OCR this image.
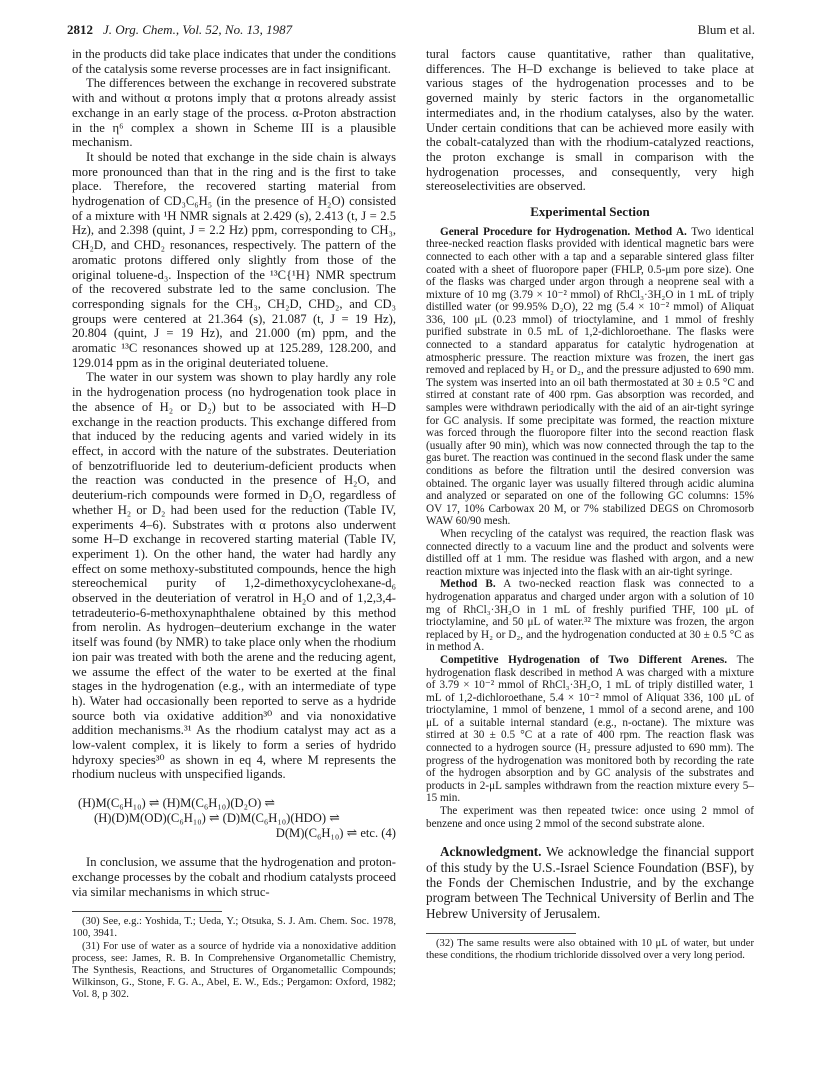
2812 J. Org. Chem., Vol. 52, No. 13, 1987	Blum et al.

in the products did take place indicates that under the conditions of the catalysis some reverse processes are in fact insignificant.

The differences between the exchange in recovered substrate with and without α protons imply that α protons already assist exchange in an early stage of the process. α-Proton abstraction in the η⁶ complex a shown in Scheme III is a plausible mechanism.

It should be noted that exchange in the side chain is always more pronounced than that in the ring and is the first to take place. Therefore, the recovered starting material from hydrogenation of CD₃C₆H₅ (in the presence of H₂O) consisted of a mixture with ¹H NMR signals at 2.429 (s), 2.413 (t, J = 2.5 Hz), and 2.398 (quint, J = 2.2 Hz) ppm, corresponding to CH₃, CH₂D, and CHD₂ resonances, respectively. The pattern of the aromatic protons differed only slightly from those of the original toluene-d₃. Inspection of the ¹³C{¹H} NMR spectrum of the recovered substrate led to the same conclusion. The corresponding signals for the CH₃, CH₂D, CHD₂, and CD₃ groups were centered at 21.364 (s), 21.087 (t, J = 19 Hz), 20.804 (quint, J = 19 Hz), and 21.000 (m) ppm, and the aromatic ¹³C resonances showed up at 125.289, 128.200, and 129.014 ppm as in the original deuteriated toluene.

The water in our system was shown to play hardly any role in the hydrogenation process (no hydrogenation took place in the absence of H₂ or D₂) but to be associated with H–D exchange in the reaction products. This exchange differed from that induced by the reducing agents and varied widely in its effect, in accord with the nature of the substrates. Deuteriation of benzotrifluoride led to deuterium-deficient products when the reaction was conducted in the presence of H₂O, and deuterium-rich compounds were formed in D₂O, regardless of whether H₂ or D₂ had been used for the reduction (Table IV, experiments 4–6). Substrates with α protons also underwent some H–D exchange in recovered starting material (Table IV, experiment 1). On the other hand, the water had hardly any effect on some methoxy-substituted compounds, hence the high stereochemical purity of 1,2-dimethoxycyclohexane-d₆ observed in the deuteriation of veratrol in H₂O and of 1,2,3,4-tetradeuterio-6-methoxynaphthalene obtained by this method from nerolin. As hydrogen–deuterium exchange in the water itself was found (by NMR) to take place only when the rhodium ion pair was treated with both the arene and the reducing agent, we assume the effect of the water to be exerted at the final stages in the hydrogenation (e.g., with an intermediate of type h). Water had occasionally been reported to serve as a hydride source both via oxidative addition³⁰ and via nonoxidative addition mechanisms.³¹ As the rhodium catalyst may act as a low-valent complex, it is likely to form a series of hydrido hdyroxy species³⁰ as shown in eq 4, where M represents the rhodium nucleus with unspecified ligands.

(H)M(C₆H₁₀) ⇌ (H)M(C₆H₁₀)(D₂O) ⇌
(H)(D)M(OD)(C₆H₁₀) ⇌ (D)M(C₆H₁₀)(HDO) ⇌
D(M)(C₆H₁₀) ⇌ etc. (4)

In conclusion, we assume that the hydrogenation and proton-exchange processes by the cobalt and rhodium catalysts proceed via similar mechanisms in which struc-

(30) See, e.g.: Yoshida, T.; Ueda, Y.; Otsuka, S. J. Am. Chem. Soc. 1978, 100, 3941.

(31) For use of water as a source of hydride via a nonoxidative addition process, see: James, R. B. In Comprehensive Organometallic Chemistry, The Synthesis, Reactions, and Structures of Organometallic Compounds; Wilkinson, G., Stone, F. G. A., Abel, E. W., Eds.; Pergamon: Oxford, 1982; Vol. 8, p 302.

tural factors cause quantitative, rather than qualitative, differences. The H–D exchange is believed to take place at various stages of the hydrogenation processes and to be governed mainly by steric factors in the organometallic intermediates and, in the rhodium catalyses, also by the water. Under certain conditions that can be achieved more easily with the cobalt-catalyzed than with the rhodium-catalyzed reactions, the proton exchange is small in comparison with the hydrogenation processes, and consequently, very high stereoselectivities are observed.

Experimental Section

General Procedure for Hydrogenation. Method A. Two identical three-necked reaction flasks provided with identical magnetic bars were connected to each other with a tap and a separable sintered glass filter coated with a sheet of fluoropore paper (FHLP, 0.5-μm pore size). One of the flasks was charged under argon through a neoprene seal with a mixture of 10 mg (3.79 × 10⁻² mmol) of RhCl₃·3H₂O in 1 mL of triply distilled water (or 99.95% D₂O), 22 mg (5.4 × 10⁻² mmol) of Aliquat 336, 100 μL (0.23 mmol) of trioctylamine, and 1 mmol of freshly purified substrate in 0.5 mL of 1,2-dichloroethane. The flasks were connected to a standard apparatus for catalytic hydrogenation at atmospheric pressure. The reaction mixture was frozen, the inert gas removed and replaced by H₂ or D₂, and the pressure adjusted to 690 mm. The system was inserted into an oil bath thermostated at 30 ± 0.5 °C and stirred at constant rate of 400 rpm. Gas absorption was recorded, and samples were withdrawn periodically with the aid of an air-tight syringe for GC analysis. If some precipitate was formed, the reaction mixture was forced through the fluoropore filter into the second reaction flask (usually after 90 min), which was now connected through the tap to the gas buret. The reaction was continued in the second flask under the same conditions as before the filtration until the desired conversion was obtained. The organic layer was usually filtered through acidic alumina and analyzed or separated on one of the following GC columns: 15% OV 17, 10% Carbowax 20 M, or 7% stabilized DEGS on Chromosorb WAW 60/90 mesh.

When recycling of the catalyst was required, the reaction flask was connected directly to a vacuum line and the product and solvents were distilled off at 1 mm. The residue was flashed with argon, and a new reaction mixture was injected into the flask with an air-tight syringe.

Method B. A two-necked reaction flask was connected to a hydrogenation apparatus and charged under argon with a solution of 10 mg of RhCl₃·3H₂O in 1 mL of freshly purified THF, 100 μL of trioctylamine, and 50 μL of water.³² The mixture was frozen, the argon replaced by H₂ or D₂, and the hydrogenation conducted at 30 ± 0.5 °C as in method A.

Competitive Hydrogenation of Two Different Arenes. The hydrogenation flask described in method A was charged with a mixture of 3.79 × 10⁻² mmol of RhCl₃·3H₂O, 1 mL of triply distilled water, 1 mL of 1,2-dichloroethane, 5.4 × 10⁻² mmol of Aliquat 336, 100 μL of trioctylamine, 1 mmol of benzene, 1 mmol of a second arene, and 100 μL of a suitable internal standard (e.g., n-octane). The mixture was stirred at 30 ± 0.5 °C at a rate of 400 rpm. The reaction flask was connected to a hydrogen source (H₂ pressure adjusted to 690 mm). The progress of the hydrogenation was monitored both by recording the rate of the hydrogen absorption and by GC analysis of the substrates and products in 2-μL samples withdrawn from the reaction mixture every 5–15 min.

The experiment was then repeated twice: once using 2 mmol of benzene and once using 2 mmol of the second substrate alone.

Acknowledgment. We acknowledge the financial support of this study by the U.S.-Israel Science Foundation (BSF), by the Fonds der Chemischen Industrie, and by the exchange program between The Technical University of Berlin and The Hebrew University of Jerusalem.

(32) The same results were also obtained with 10 μL of water, but under these conditions, the rhodium trichloride dissolved over a very long period.
